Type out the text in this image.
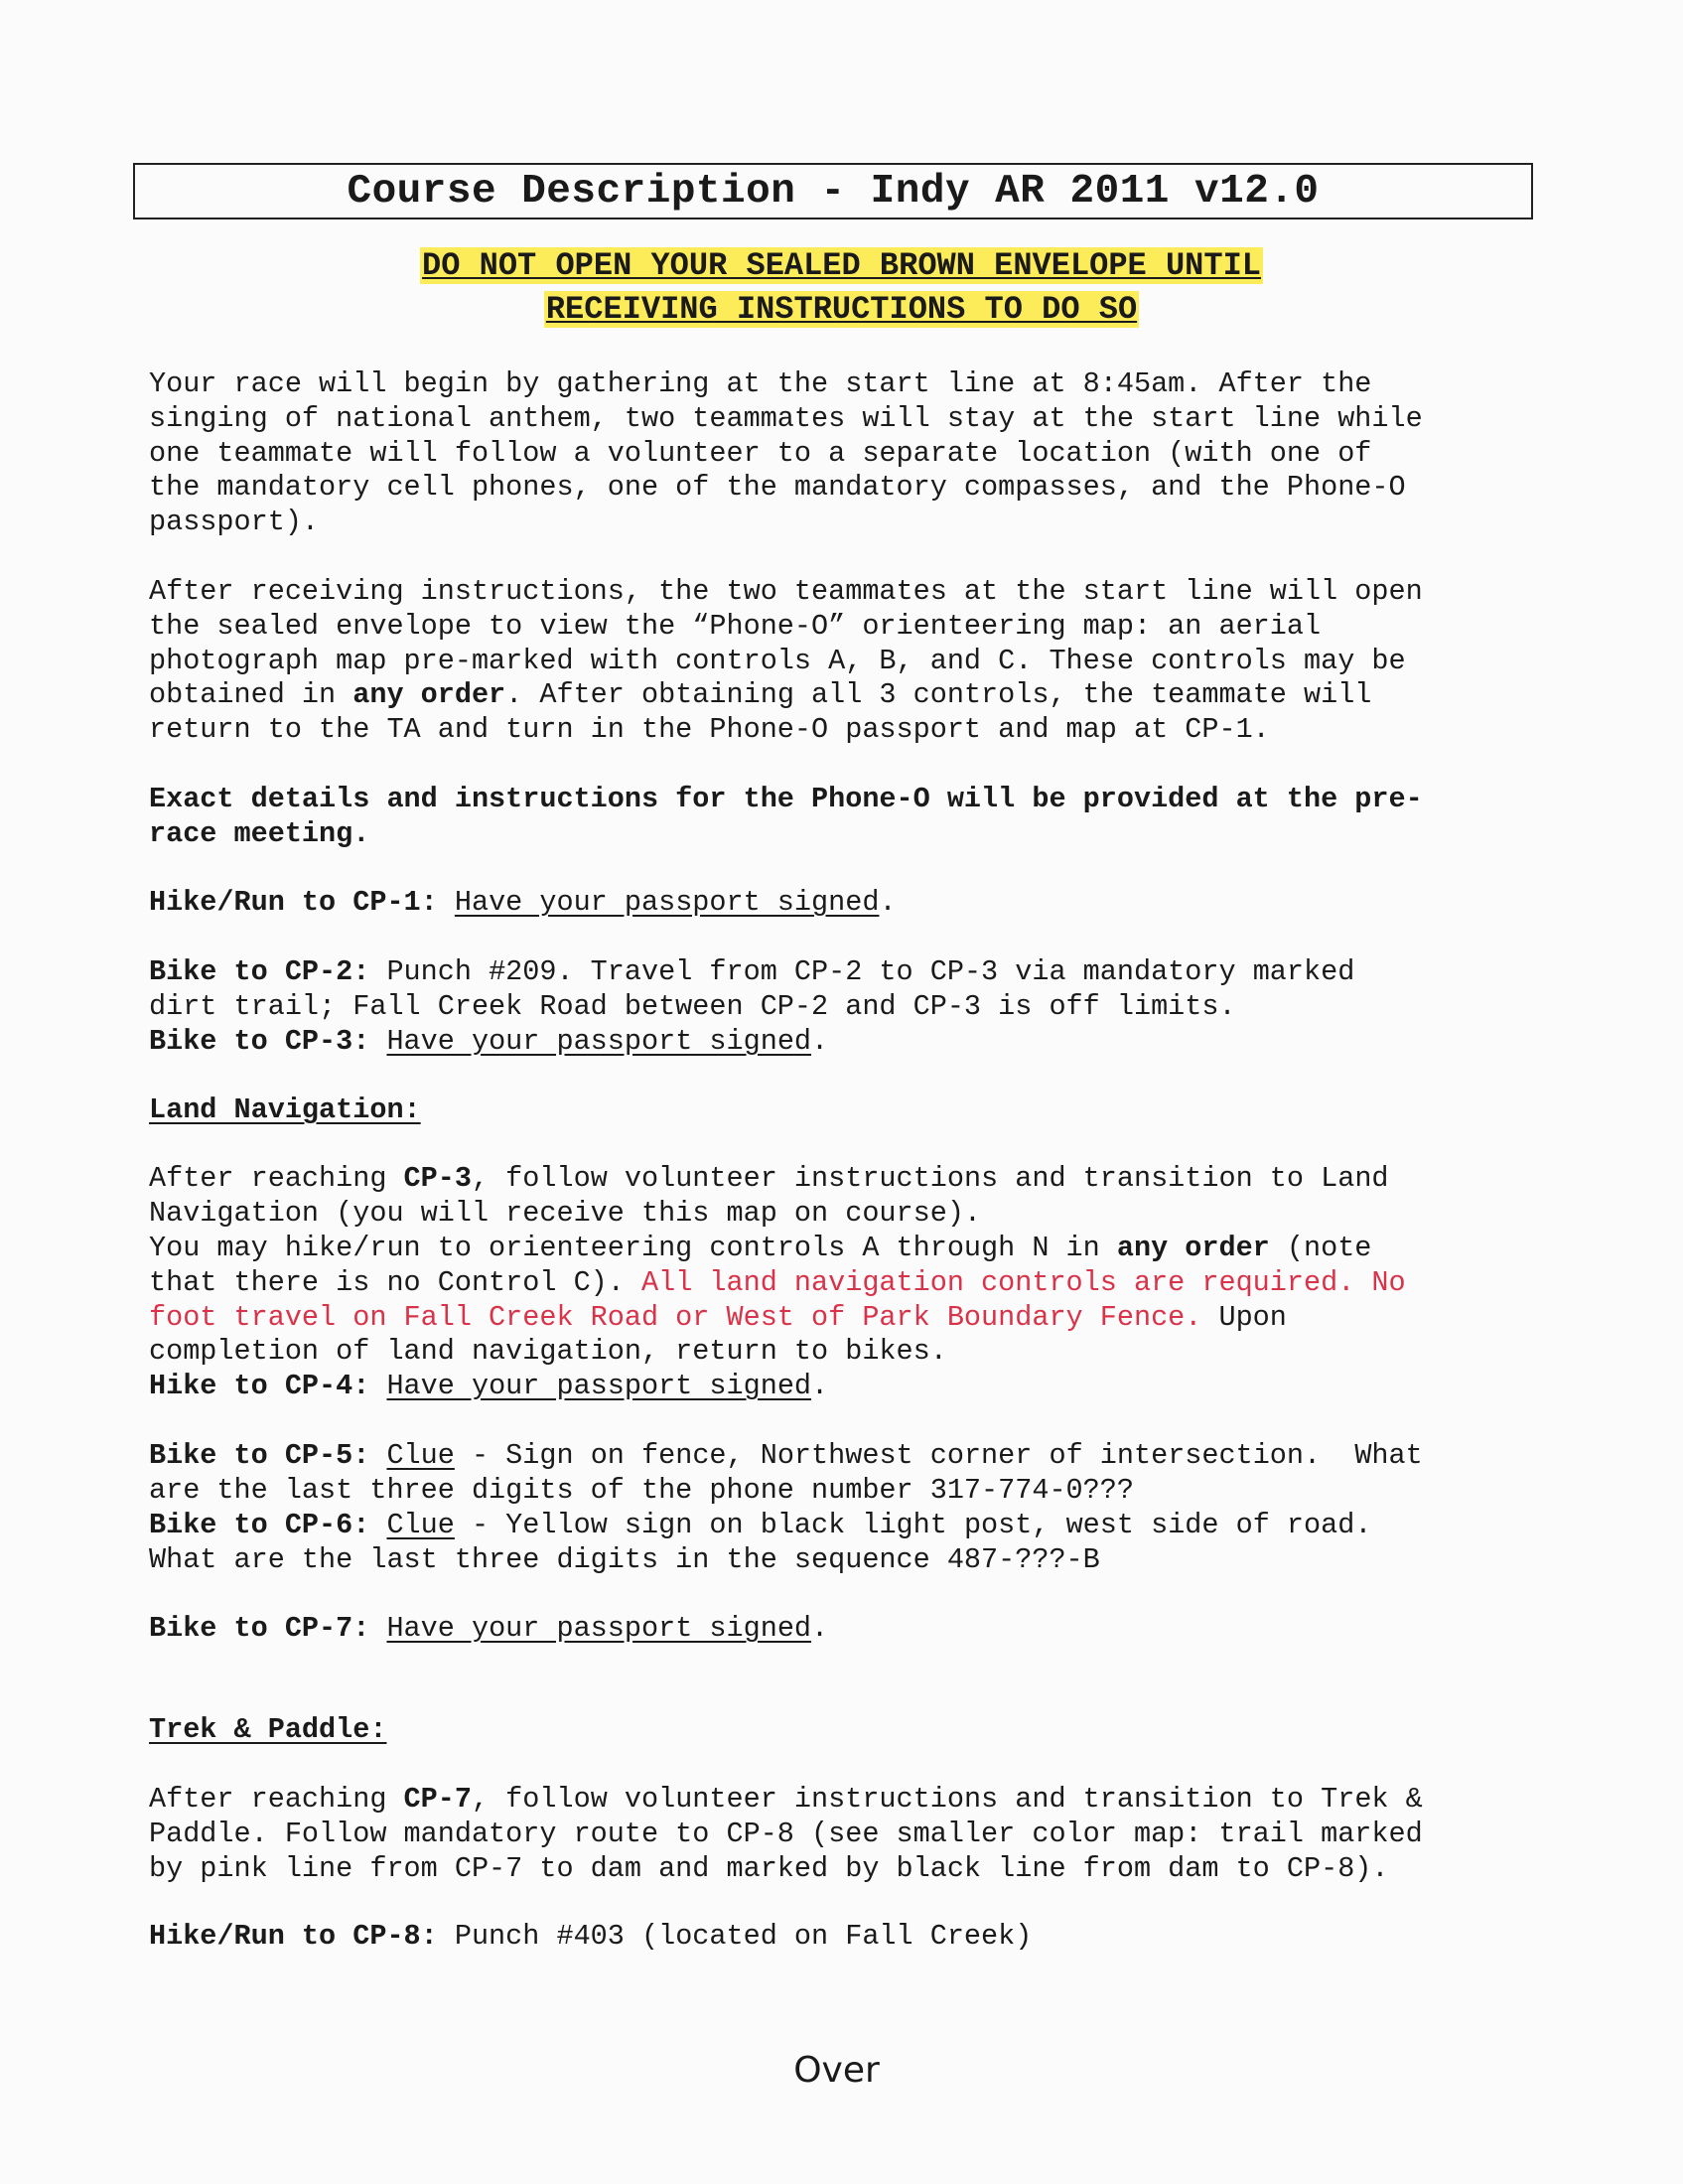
Course Description - Indy AR 2011 v12.0
DO NOT OPEN YOUR SEALED BROWN ENVELOPE UNTIL
RECEIVING INSTRUCTIONS TO DO SO

Your race will begin by gathering at the start line at 8:45am. After the
singing of national anthem, two teammates will stay at the start line while
one teammate will follow a volunteer to a separate location (with one of
the mandatory cell phones, one of the mandatory compasses, and the Phone-O
passport).

After receiving instructions, the two teammates at the start line will open
the sealed envelope to view the “Phone-O” orienteering map: an aerial
photograph map pre-marked with controls A, B, and C. These controls may be
obtained in any order. After obtaining all 3 controls, the teammate will
return to the TA and turn in the Phone-O passport and map at CP-1.

Exact details and instructions for the Phone-O will be provided at the pre-
race meeting.

Hike/Run to CP-1: Have your passport signed.

Bike to CP-2: Punch #209. Travel from CP-2 to CP-3 via mandatory marked
dirt trail; Fall Creek Road between CP-2 and CP-3 is off limits.

Bike to CP-3: Have your passport signed.

Land Navigation:

After reaching CP-3, follow volunteer instructions and transition to Land
Navigation (you will receive this map on course).

You may hike/run to orienteering controls A through N in any order (note
that there is no Control C). All land navigation controls are required. No
foot travel on Fall Creek Road or West of Park Boundary Fence. Upon
completion of land navigation, return to bikes.

Hike to CP-4: Have your passport signed.

Bike to CP-5: Clue - Sign on fence, Northwest corner of intersection.  What
are the last three digits of the phone number 317-774-0???

Bike to CP-6: Clue - Yellow sign on black light post, west side of road.
What are the last three digits in the sequence 487-???-B

Bike to CP-7: Have your passport signed.

Trek & Paddle:

After reaching CP-7, follow volunteer instructions and transition to Trek &
Paddle. Follow mandatory route to CP-8 (see smaller color map: trail marked
by pink line from CP-7 to dam and marked by black line from dam to CP-8).

Hike/Run to CP-8: Punch #403 (located on Fall Creek)

Over
